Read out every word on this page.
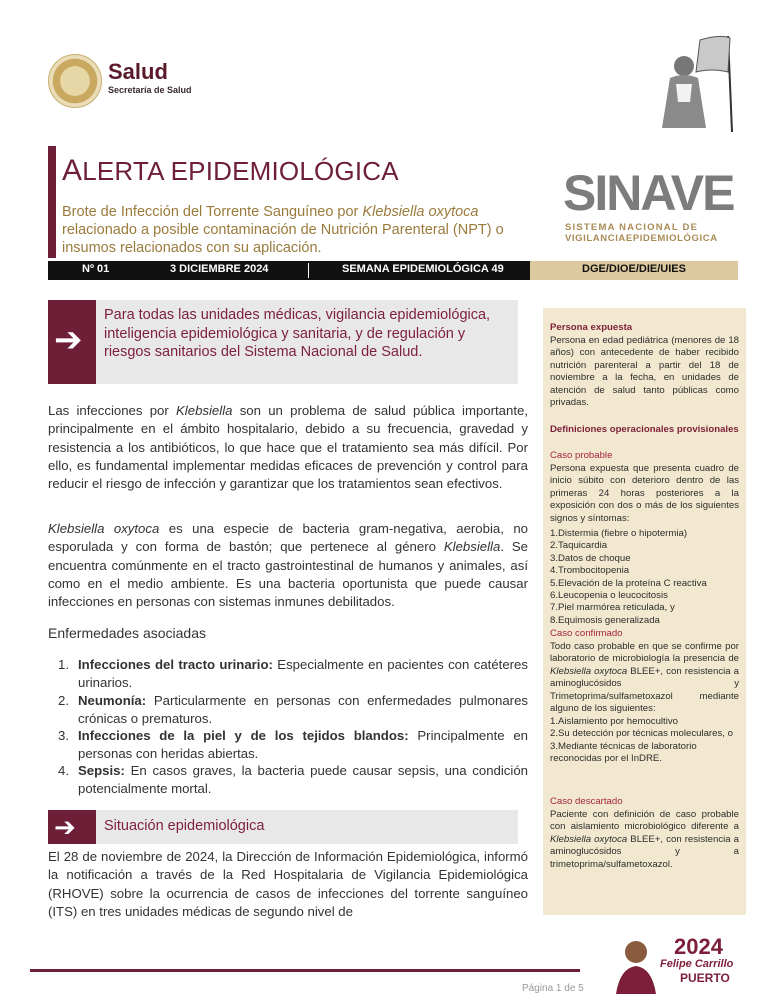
Salud
Secretaría de Salud
ALERTA EPIDEMIOLÓGICA
Brote de Infección del Torrente Sanguíneo por Klebsiella oxytoca relacionado a posible contaminación de Nutrición Parenteral (NPT) o insumos relacionados con su aplicación.
SINAVE
SISTEMA NACIONAL DE
VIGILANCIAEPIDEMIOLÓGICA
Nº 01	3 DICIEMBRE 2024	SEMANA EPIDEMIOLÓGICA 49	DGE/DIOE/DIE/UIES
➔
Para todas las unidades médicas, vigilancia epidemiológica, inteligencia epidemiológica y sanitaria, y de regulación y riesgos sanitarios del Sistema Nacional de Salud.
Las infecciones por Klebsiella son un problema de salud pública importante, principalmente en el ámbito hospitalario, debido a su frecuencia, gravedad y resistencia a los antibióticos, lo que hace que el tratamiento sea más difícil. Por ello, es fundamental implementar medidas eficaces de prevención y control para reducir el riesgo de infección y garantizar que los tratamientos sean efectivos.
Klebsiella oxytoca es una especie de bacteria gram-negativa, aerobia, no esporulada y con forma de bastón; que pertenece al género Klebsiella. Se encuentra comúnmente en el tracto gastrointestinal de humanos y animales, así como en el medio ambiente. Es una bacteria oportunista que puede causar infecciones en personas con sistemas inmunes debilitados.
Enfermedades asociadas
1. Infecciones del tracto urinario: Especialmente en pacientes con catéteres urinarios.
2. Neumonía: Particularmente en personas con enfermedades pulmonares crónicas o prematuros.
3. Infecciones de la piel y de los tejidos blandos: Principalmente en personas con heridas abiertas.
4. Sepsis: En casos graves, la bacteria puede causar sepsis, una condición potencialmente mortal.
➔ Situación epidemiológica
El 28 de noviembre de 2024, la Dirección de Información Epidemiológica, informó la notificación a través de la Red Hospitalaria de Vigilancia Epidemiológica (RHOVE) sobre la ocurrencia de casos de infecciones del torrente sanguíneo (ITS) en tres unidades médicas de segundo nivel de
Persona expuesta
Persona en edad pediátrica (menores de 18 años) con antecedente de haber recibido nutrición parenteral a partir del 18 de noviembre a la fecha, en unidades de atención de salud tanto públicas como privadas.
Definiciones operacionales provisionales
Caso probable
Persona expuesta que presenta cuadro de inicio súbito con deterioro dentro de las primeras 24 horas posteriores a la exposición con dos o más de los siguientes signos y síntomas:
1.Distermia (fiebre o hipotermia)
2.Taquicardia
3.Datos de choque
4.Trombocitopenia
5.Elevación de la proteína C reactiva
6.Leucopenia o leucocitosis
7.Piel marmórea reticulada, y
8.Equimosis generalizada
Caso confirmado
Todo caso probable en que se confirme por laboratorio de microbiología la presencia de Klebsiella oxytoca BLEE+, con resistencia a aminoglucósidos y Trimetoprima/sulfametoxazol mediante alguno de los siguientes:
1.Aislamiento por hemocultivo
2.Su detección por técnicas moleculares, o
3.Mediante técnicas de laboratorio reconocidas por el InDRE.
Caso descartado
Paciente con definición de caso probable con aislamiento microbiológico diferente a Klebsiella oxytoca BLEE+, con resistencia a aminoglucósidos y a trimetoprima/sulfametoxazol.
Página 1 de 5
2024
Felipe Carrillo
PUERTO
